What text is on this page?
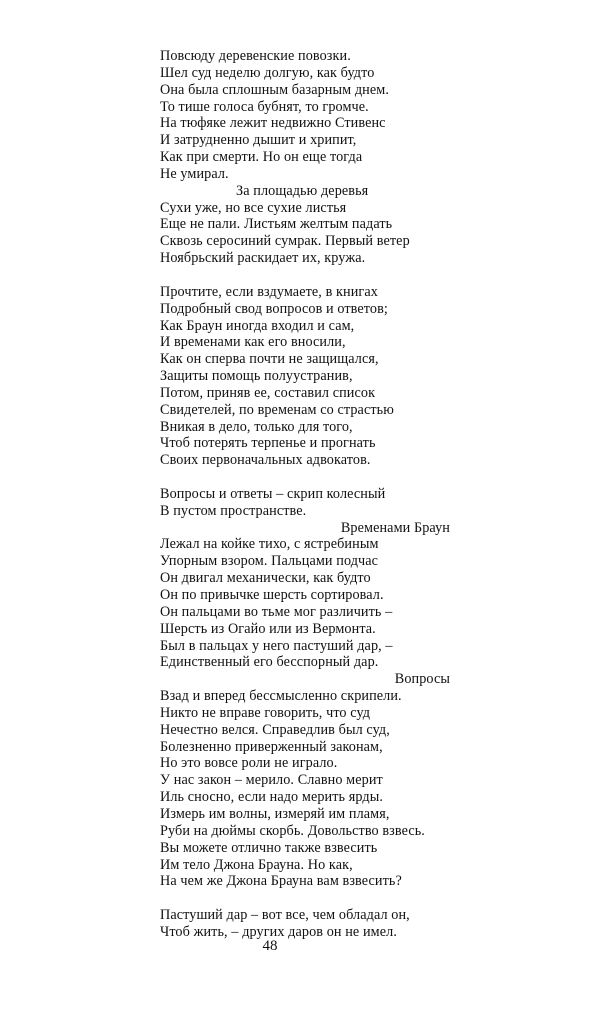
Повсюду деревенские повозки.
Шел суд неделю долгую, как будто
Она была сплошным базарным днем.
То тише голоса бубнят, то громче.
На тюфяке лежит недвижно Стивенс
И затрудненно дышит и хрипит,
Как при смерти. Но он еще тогда
Не умирал.
За площадью деревья
Сухи уже, но все сухие листья
Еще не пали. Листьям желтым падать
Сквозь серосиний сумрак. Первый ветер
Ноябрьский раскидает их, кружа.
Прочтите, если вздумаете, в книгах
Подробный свод вопросов и ответов;
Как Браун иногда входил и сам,
И временами как его вносили,
Как он сперва почти не защищался,
Защиты помощь полуустранив,
Потом, приняв ее, составил список
Свидетелей, по временам со страстью
Вникая в дело, только для того,
Чтоб потерять терпенье и прогнать
Своих первоначальных адвокатов.
Вопросы и ответы – скрип колесный
В пустом пространстве.
Временами Браун
Лежал на койке тихо, с ястребиным
Упорным взором. Пальцами подчас
Он двигал механически, как будто
Он по привычке шерсть сортировал.
Он пальцами во тьме мог различить –
Шерсть из Огайо или из Вермонта.
Был в пальцах у него пастуший дар, –
Единственный его бесспорный дар.
Вопросы
Взад и вперед бессмысленно скрипели.
Никто не вправе говорить, что суд
Нечестно велся. Справедлив был суд,
Болезненно приверженный законам,
Но это вовсе роли не играло.
У нас закон – мерило. Славно мерит
Иль сносно, если надо мерить ярды.
Измерь им волны, измеряй им пламя,
Руби на дюймы скорбь. Довольство взвесь.
Вы можете отлично также взвесить
Им тело Джона Брауна. Но как,
На чем же Джона Брауна вам взвесить?
Пастуший дар – вот все, чем обладал он,
Чтоб жить, – других даров он не имел.
48
